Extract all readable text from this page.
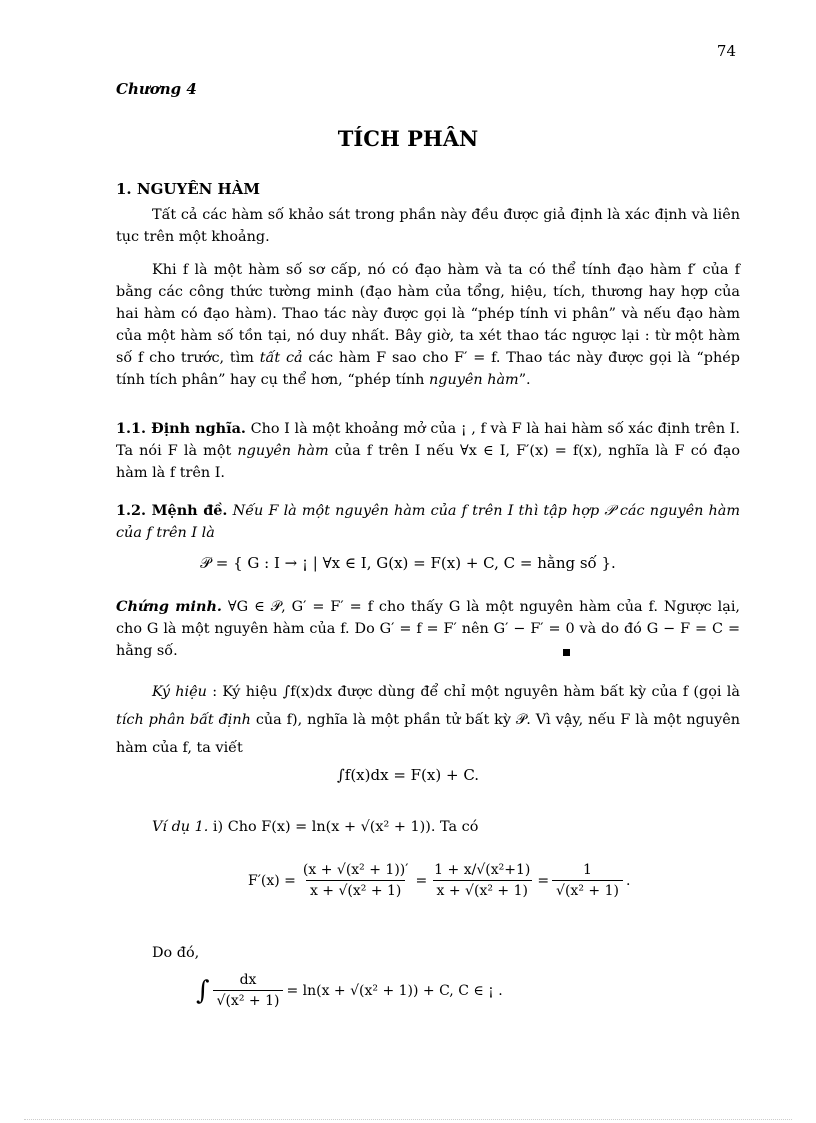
74
Chương 4
TÍCH PHÂN
1. NGUYÊN HÀM
Tất cả các hàm số khảo sát trong phần này đều được giả định là xác định và liên tục trên một khoảng.
Khi f là một hàm số sơ cấp, nó có đạo hàm và ta có thể tính đạo hàm f′ của f bằng các công thức tường minh (đạo hàm của tổng, hiệu, tích, thương hay hợp của hai hàm có đạo hàm). Thao tác này được gọi là “phép tính vi phân” và nếu đạo hàm của một hàm số tồn tại, nó duy nhất. Bây giờ, ta xét thao tác ngược lại : từ một hàm số f cho trước, tìm tất cả các hàm F sao cho F′ = f. Thao tác này được gọi là “phép tính tích phân” hay cụ thể hơn, “phép tính nguyên hàm”.
1.1. Định nghĩa. Cho I là một khoảng mở của ¡ , f và F là hai hàm số xác định trên I. Ta nói F là một nguyên hàm của f trên I nếu ∀x ∈ I, F′(x) = f(x), nghĩa là F có đạo hàm là f trên I.
1.2. Mệnh đề. Nếu F là một nguyên hàm của f trên I thì tập hợp 𝒫 các nguyên hàm của f trên I là
𝒫 = { G : I → ¡ | ∀x ∈ I, G(x) = F(x) + C, C = hằng số }.
Chứng minh. ∀G ∈ 𝒫, G′ = F′ = f cho thấy G là một nguyên hàm của f. Ngược lại, cho G là một nguyên hàm của f. Do G′ = f = F′ nên G′ − F′ = 0 và do đó G − F = C = hằng số.
Ký hiệu : Ký hiệu ∫f(x)dx được dùng để chỉ một nguyên hàm bất kỳ của f (gọi là tích phân bất định của f), nghĩa là một phần tử bất kỳ 𝒫. Vì vậy, nếu F là một nguyên hàm của f, ta viết
∫f(x)dx = F(x) + C.
Ví dụ 1. i) Cho F(x) = ln(x + √(x² + 1)). Ta có
$F'(x) = \frac{\text{(x + √(x² + 1))′}}{\text{x + √(x² + 1)}} = \frac{\text{1 + x/√(x²+1)}}{\text{x + √(x² + 1)}} = \frac{1}{\text{√(x² + 1)}}$ .
Do đó,
∫ $\frac{dx}{\text{√(x² + 1)}} = \ln(x + √(x^2 + 1)) + C$, C ∈ ¡ .
